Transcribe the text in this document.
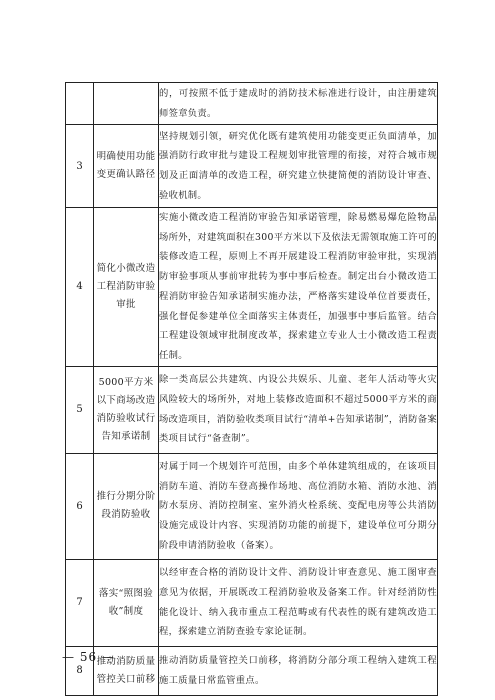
		的，可按照不低于建成时的消防技术标准进行设计，由注册建筑师签章负责。
3	明确使用功能变更确认路径	坚持规划引领，研究优化既有建筑使用功能变更正负面清单，加强消防行政审批与建设工程规划审批管理的衔接，对符合城市规划及正面清单的改造工程，研究建立快捷简便的消防设计审查、验收机制。
4	简化小微改造工程消防审验审批	实施小微改造工程消防审验告知承诺管理，除易燃易爆危险物品场所外，对建筑面积在300平方米以下及依法无需领取施工许可的装修改造工程，原则上不再开展建设工程消防审验审批，实现消防审验事项从事前审批转为事中事后检查。制定出台小微改造工程消防审验告知承诺制实施办法，严格落实建设单位首要责任，强化督促参建单位全面落实主体责任，加强事中事后监管。结合工程建设领域审批制度改革，探索建立专业人士小微改造工程责任制。
5	5000平方米以下商场改造消防验收试行告知承诺制	除一类高层公共建筑、内设公共娱乐、儿童、老年人活动等火灾风险较大的场所外，对地上装修改造面积不超过5000平方米的商场改造项目，消防验收类项目试行“清单+告知承诺制”，消防备案类项目试行“备查制”。
6	推行分期分阶段消防验收	对属于同一个规划许可范围，由多个单体建筑组成的，在该项目消防车道、消防车登高操作场地、高位消防水箱、消防水池、消防水泵房、消防控制室、室外消火栓系统、变配电房等公共消防设施完成设计内容、实现消防功能的前提下，建设单位可分期分阶段申请消防验收（备案）。
7	落实“照图验收”制度	以经审查合格的消防设计文件、消防设计审查意见、施工图审查意见为依据，开展既改工程消防验收及备案工作。针对经消防性能化设计、纳入我市重点工程范畴或有代表性的既有建筑改造工程，探索建立消防查验专家论证制。
8	推动消防质量管控关口前移	推动消防质量管控关口前移，将消防分部分项工程纳入建筑工程施工质量日常监管重点。
— 56 —
